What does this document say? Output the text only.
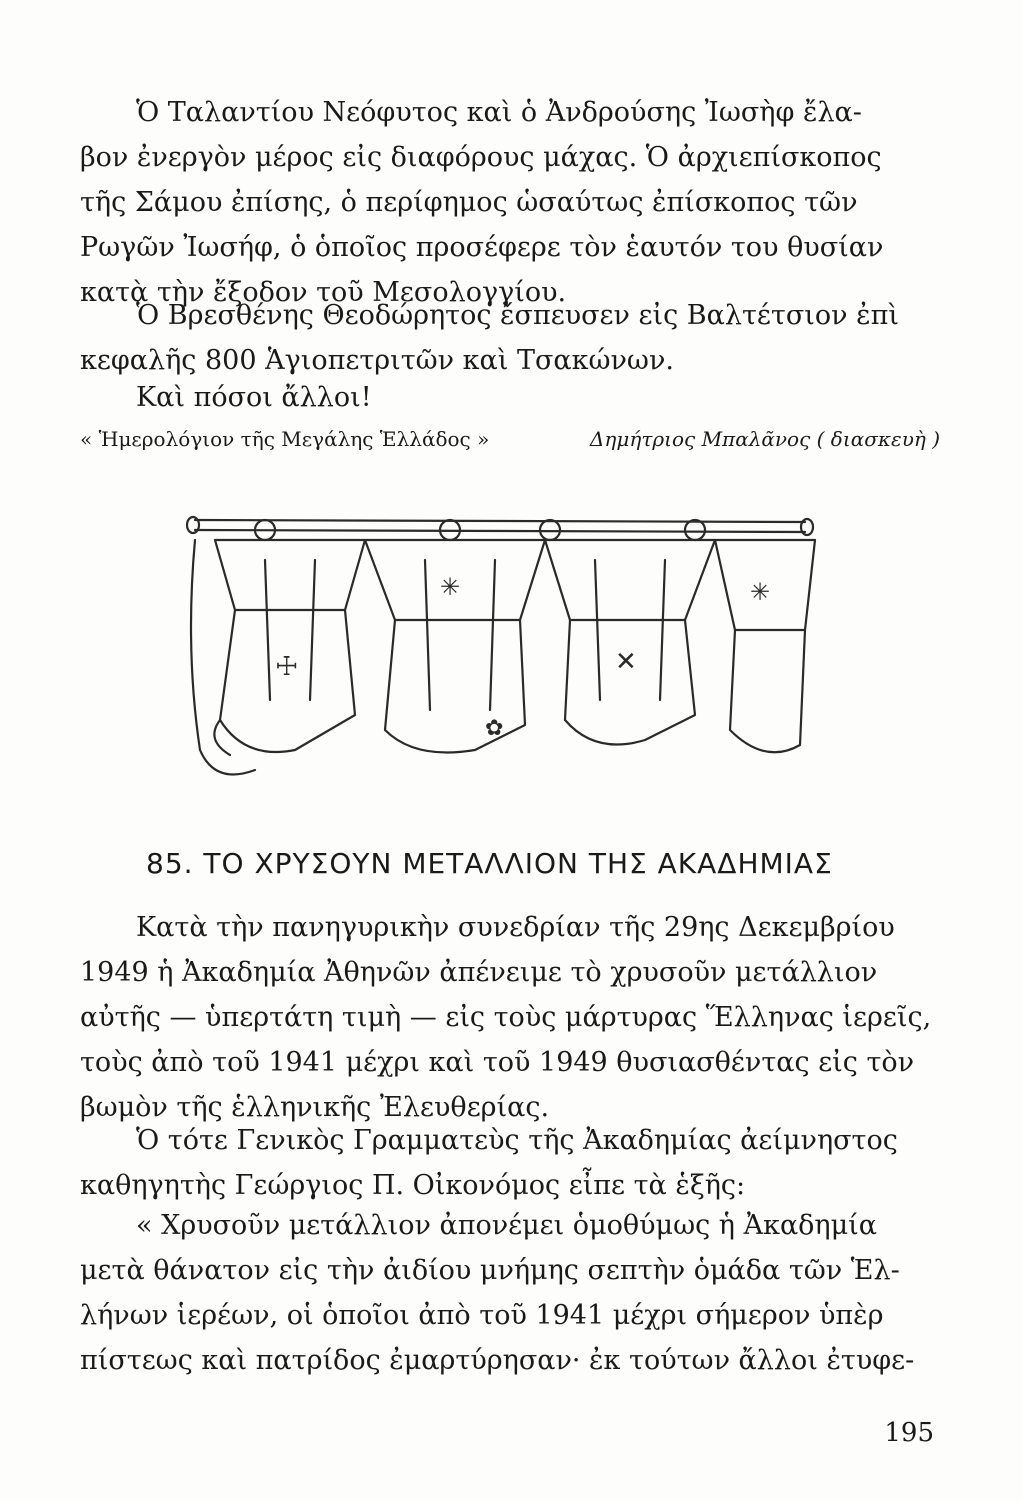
Ὁ Ταλαντίου Νεόφυτος καὶ ὁ Ἀνδρούσης Ἰωσὴφ ἔλα-
βον ἐνεργὸν μέρος εἰς διαφόρους μάχας. Ὁ ἀρχιεπίσκοπος
τῆς Σάμου ἐπίσης, ὁ περίφημος ὡσαύτως ἐπίσκοπος τῶν
Ρωγῶν Ἰωσήφ, ὁ ὁποῖος προσέφερε τὸν ἑαυτόν του θυσίαν
κατὰ τὴν ἔξοδον τοῦ Μεσολογγίου.

Ὁ Βρεσθένης Θεοδώρητος ἔσπευσεν εἰς Βαλτέτσιον ἐπὶ
κεφαλῆς 800 Ἁγιοπετριτῶν καὶ Τσακώνων.

Καὶ πόσοι ἄλλοι!

« Ἡμερολόγιον τῆς Μεγάλης Ἑλλάδος »	Δημήτριος Μπαλᾶνος ( διασκευὴ )
☩
✳
✿
✕
✳
85. ΤΟ ΧΡΥΣΟΥΝ ΜΕΤΑΛΛΙΟΝ ΤΗΣ ΑΚΑΔΗΜΙΑΣ

Κατὰ τὴν πανηγυρικὴν συνεδρίαν τῆς 29ης Δεκεμβρίου
1949 ἡ Ἀκαδημία Ἀθηνῶν ἀπένειμε τὸ χρυσοῦν μετάλλιον
αὐτῆς — ὑπερτάτη τιμὴ — εἰς τοὺς μάρτυρας Ἕλληνας ἱερεῖς,
τοὺς ἀπὸ τοῦ 1941 μέχρι καὶ τοῦ 1949 θυσιασθέντας εἰς τὸν
βωμὸν τῆς ἑλληνικῆς Ἐλευθερίας.

Ὁ τότε Γενικὸς Γραμματεὺς τῆς Ἀκαδημίας ἀείμνηστος
καθηγητὴς Γεώργιος Π. Οἰκονόμος εἶπε τὰ ἑξῆς:

« Χρυσοῦν μετάλλιον ἀπονέμει ὁμοθύμως ἡ Ἀκαδημία
μετὰ θάνατον εἰς τὴν ἀιδίου μνήμης σεπτὴν ὁμάδα τῶν Ἑλ-
λήνων ἱερέων, οἱ ὁποῖοι ἀπὸ τοῦ 1941 μέχρι σήμερον ὑπὲρ
πίστεως καὶ πατρίδος ἐμαρτύρησαν· ἐκ τούτων ἄλλοι ἐτυφε-

195
